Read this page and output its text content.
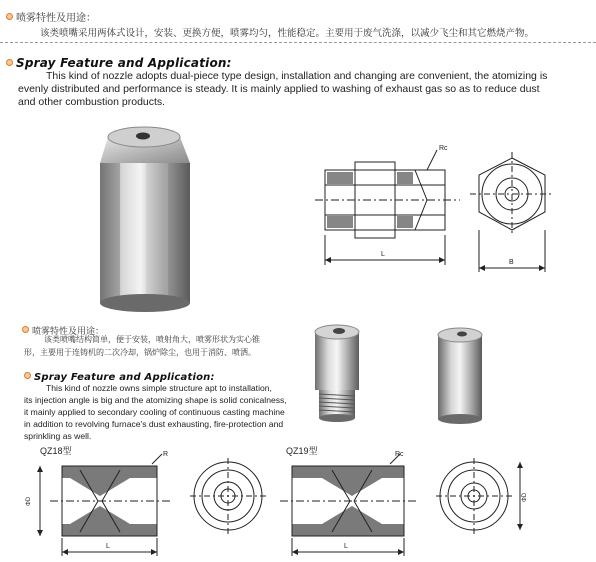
喷雾特性及用途：
该类喷嘴采用两体式设计，安装、更换方便，喷雾均匀，性能稳定。主要用于废气洗涤，以减少飞尘和其它燃烧产物。
Spray Feature and Application:
This kind of nozzle adopts dual-piece type design, installation and changing are convenient, the atomizing is
evenly distributed and performance is steady. It is mainly applied to washing of exhaust gas so as to reduce dust
and other combustion products.
Rc
L
B
喷雾特性及用途：
该类喷嘴结构简单，便于安装，喷射角大，喷雾形状为实心锥
形，主要用于连铸机的二次冷却，锅炉除尘，也用于消防、喷洒。
Spray Feature and Application:
This kind of nozzle owns simple structure apt to installation,
its injection angle is big and the atomizing shape is solid conicalness,
it mainly applied to secondary cooling of continuous casting machine
in addition to revolving furnace's dust exhausting, fire-protection and
sprinkling as well.
QZ18型	R
ΦD
L
QZ19型	Rc
L
ΦD
